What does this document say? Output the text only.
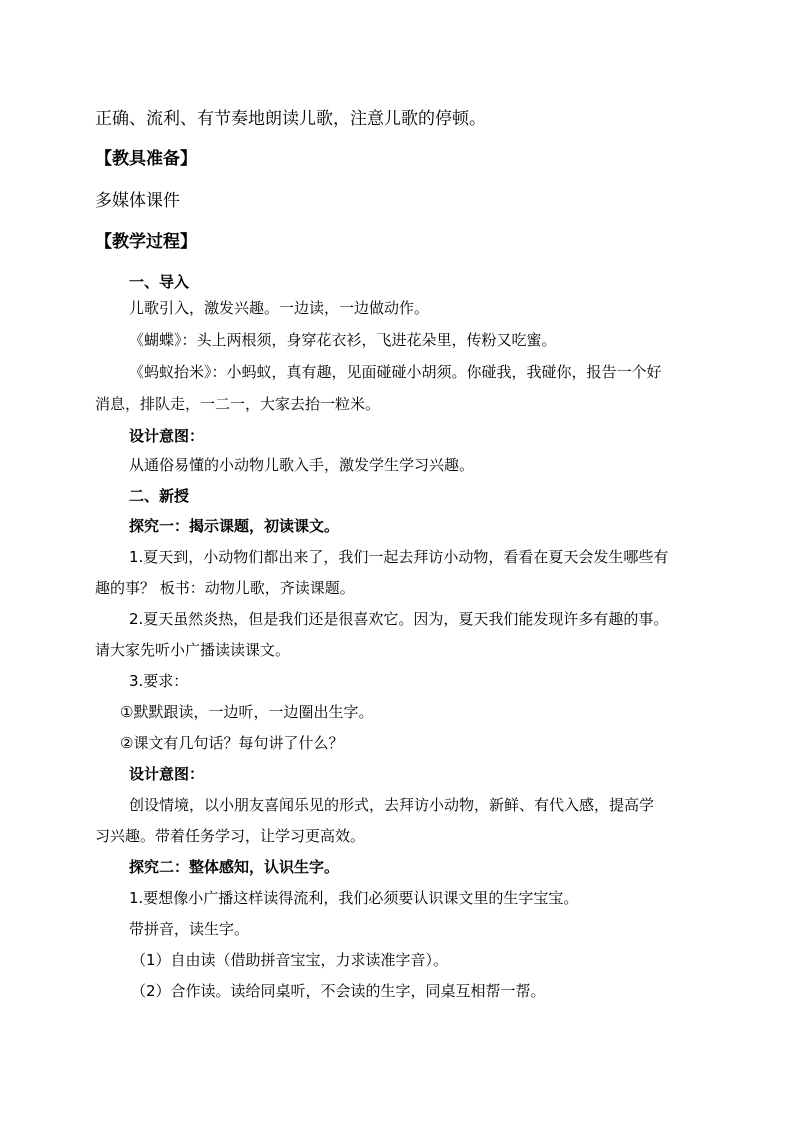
正确、流利、有节奏地朗读儿歌，注意儿歌的停顿。
【教具准备】
多媒体课件
【教学过程】
一、导入
儿歌引入，激发兴趣。一边读，一边做动作。
《蝴蝶》：头上两根须，身穿花衣衫，飞进花朵里，传粉又吃蜜。
《蚂蚁抬米》：小蚂蚁，真有趣，见面碰碰小胡须。你碰我，我碰你，报告一个好
消息，排队走，一二一，大家去抬一粒米。
设计意图：
从通俗易懂的小动物儿歌入手，激发学生学习兴趣。
二、新授
探究一：揭示课题，初读课文。
1.夏天到，小动物们都出来了，我们一起去拜访小动物，看看在夏天会发生哪些有
趣的事？ 板书：动物儿歌，齐读课题。
2.夏天虽然炎热，但是我们还是很喜欢它。因为，夏天我们能发现许多有趣的事。
请大家先听小广播读读课文。
3.要求：
①默默跟读，一边听，一边圈出生字。
②课文有几句话？每句讲了什么？
设计意图：
创设情境，以小朋友喜闻乐见的形式，去拜访小动物，新鲜、有代入感，提高学
习兴趣。带着任务学习，让学习更高效。
探究二：整体感知，认识生字。
1.要想像小广播这样读得流利，我们必须要认识课文里的生字宝宝。
带拼音，读生字。
（1）自由读（借助拼音宝宝，力求读准字音）。
（2）合作读。读给同桌听，不会读的生字，同桌互相帮一帮。
